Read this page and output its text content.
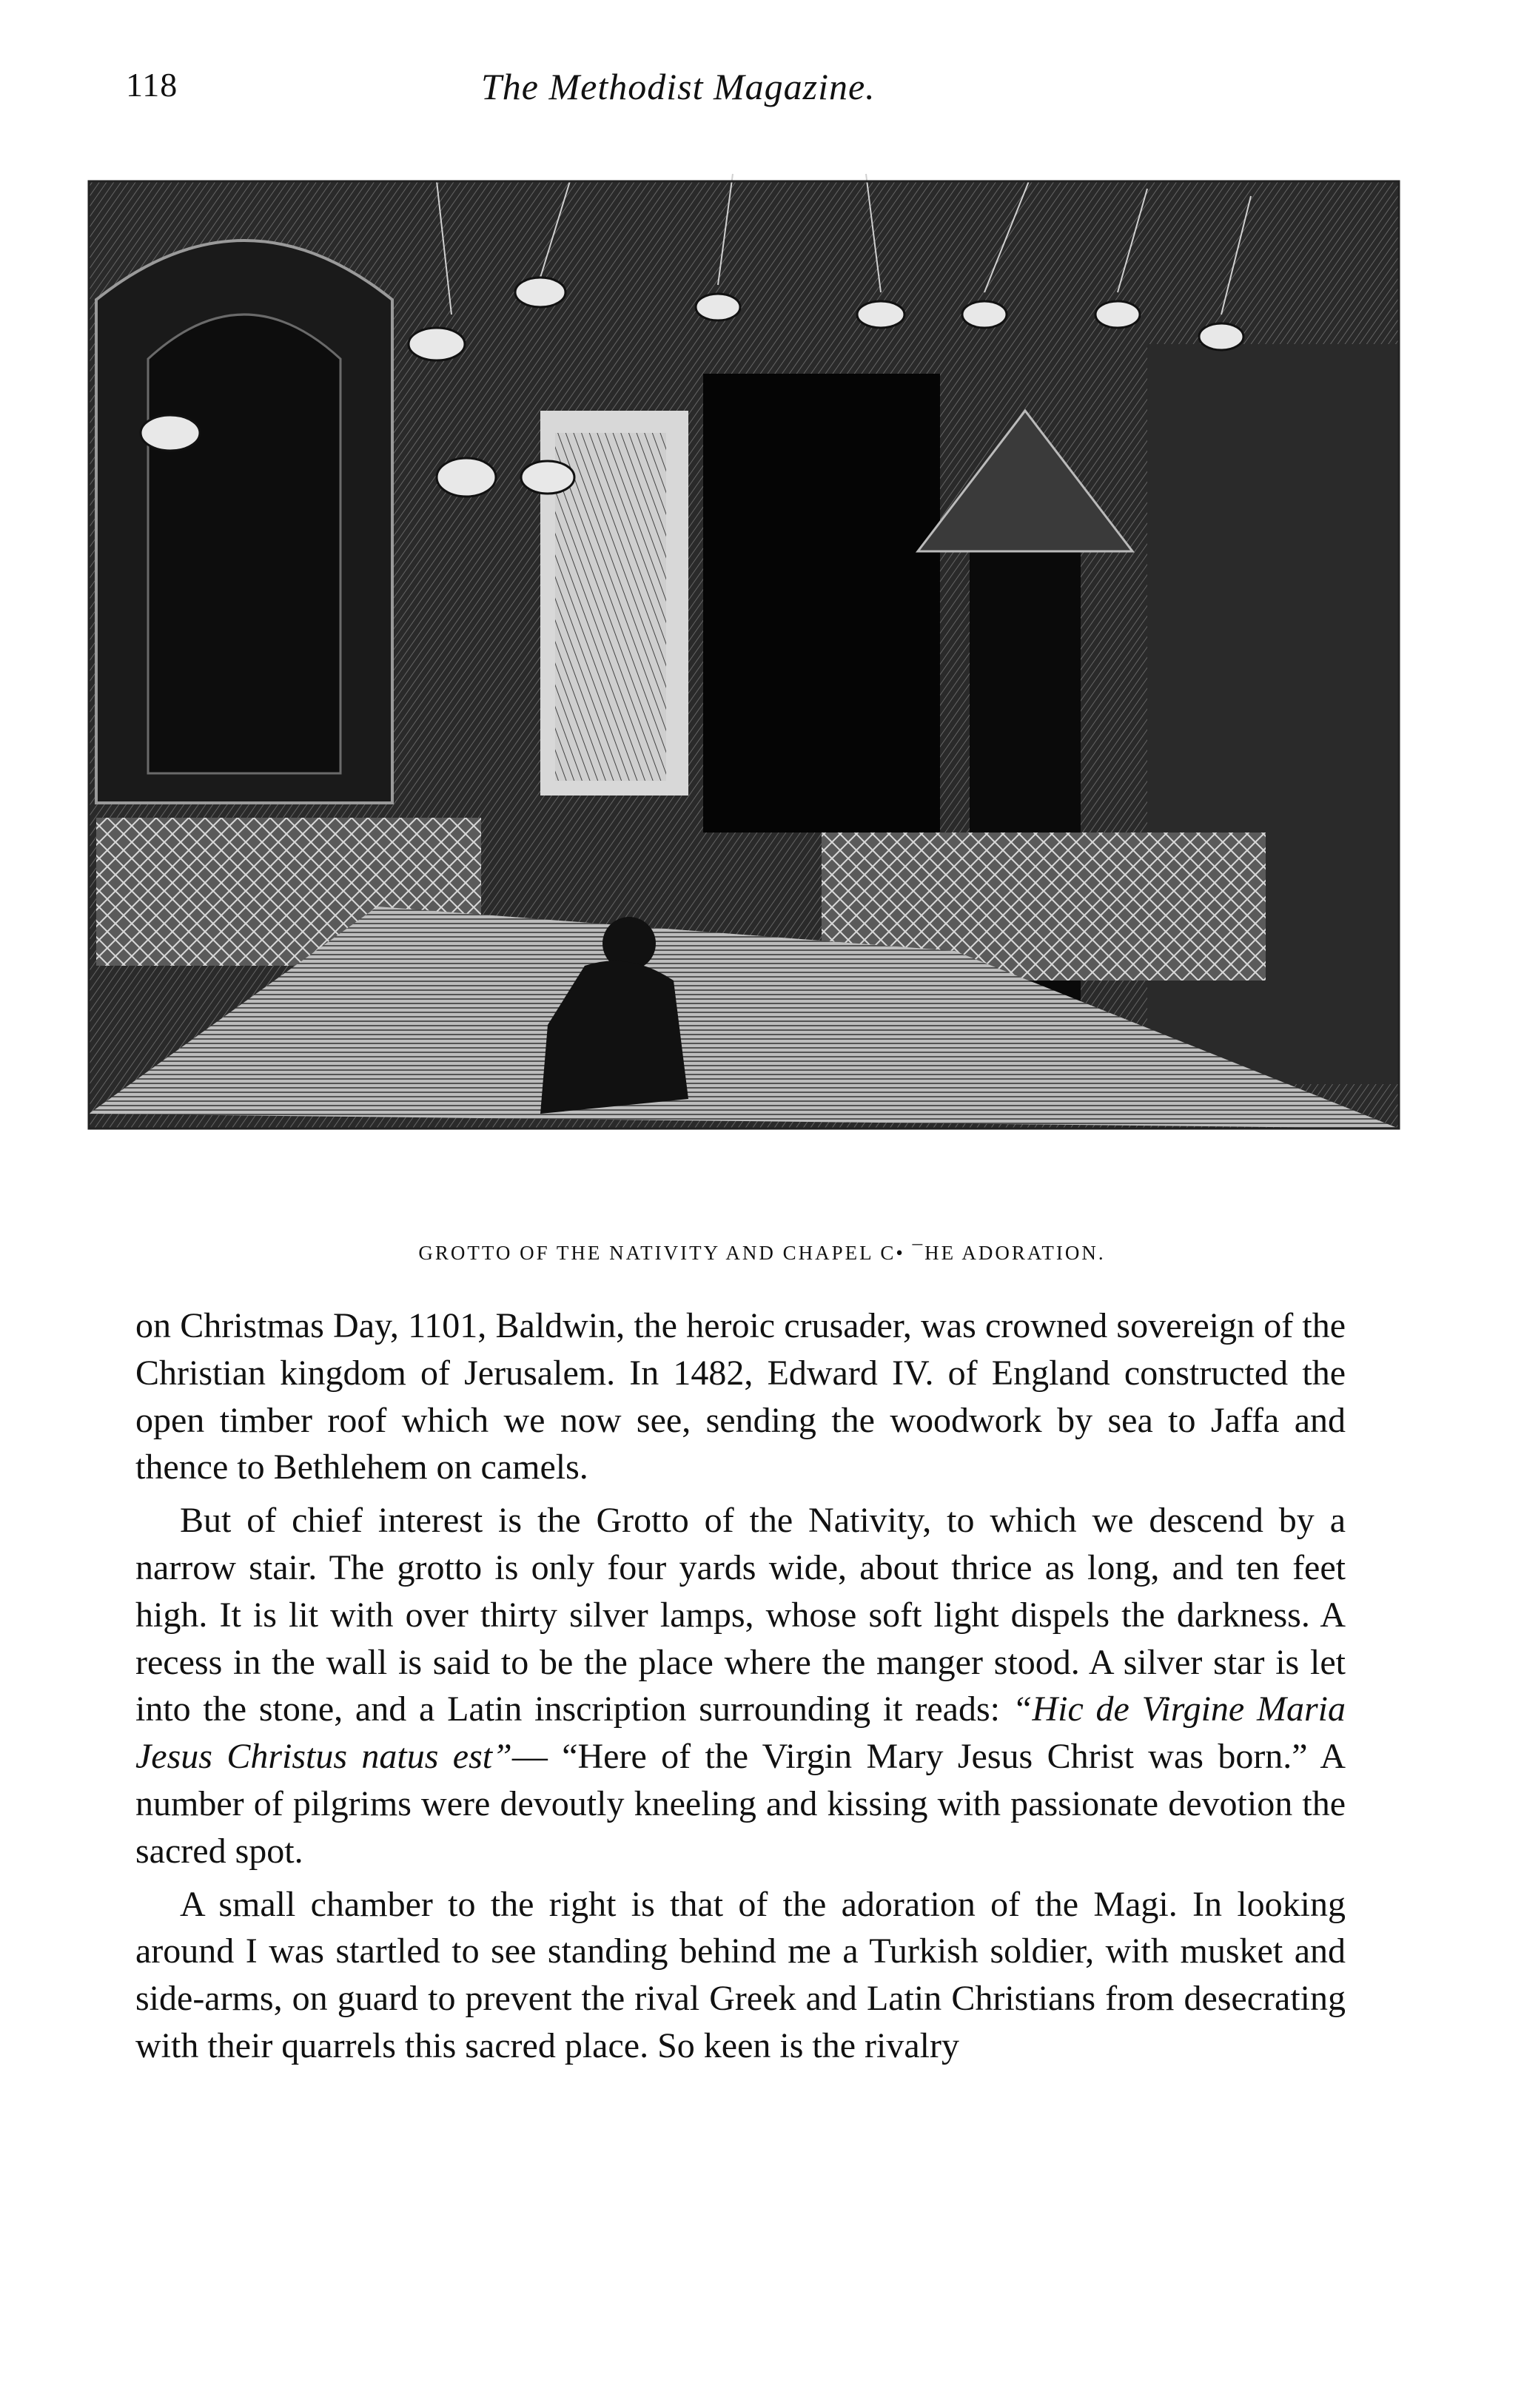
118	The Methodist Magazine.
GROTTO OF THE NATIVITY AND CHAPEL C• ¯HE ADORATION.

on Christmas Day, 1101, Baldwin, the heroic crusader, was crowned sovereign of the Christian kingdom of Jerusalem. In 1482, Edward IV. of England constructed the open timber roof which we now see, sending the woodwork by sea to Jaffa and thence to Bethlehem on camels.

But of chief interest is the Grotto of the Nativity, to which we descend by a narrow stair. The grotto is only four yards wide, about thrice as long, and ten feet high. It is lit with over thirty silver lamps, whose soft light dispels the darkness. A recess in the wall is said to be the place where the manger stood. A silver star is let into the stone, and a Latin inscription surrounding it reads: “Hic de Virgine Maria Jesus Christus natus est”— “Here of the Virgin Mary Jesus Christ was born.” A number of pilgrims were devoutly kneeling and kissing with passionate devotion the sacred spot.

A small chamber to the right is that of the adoration of the Magi. In looking around I was startled to see standing behind me a Turkish soldier, with musket and side-arms, on guard to prevent the rival Greek and Latin Christians from desecrating with their quarrels this sacred place. So keen is the rivalry
